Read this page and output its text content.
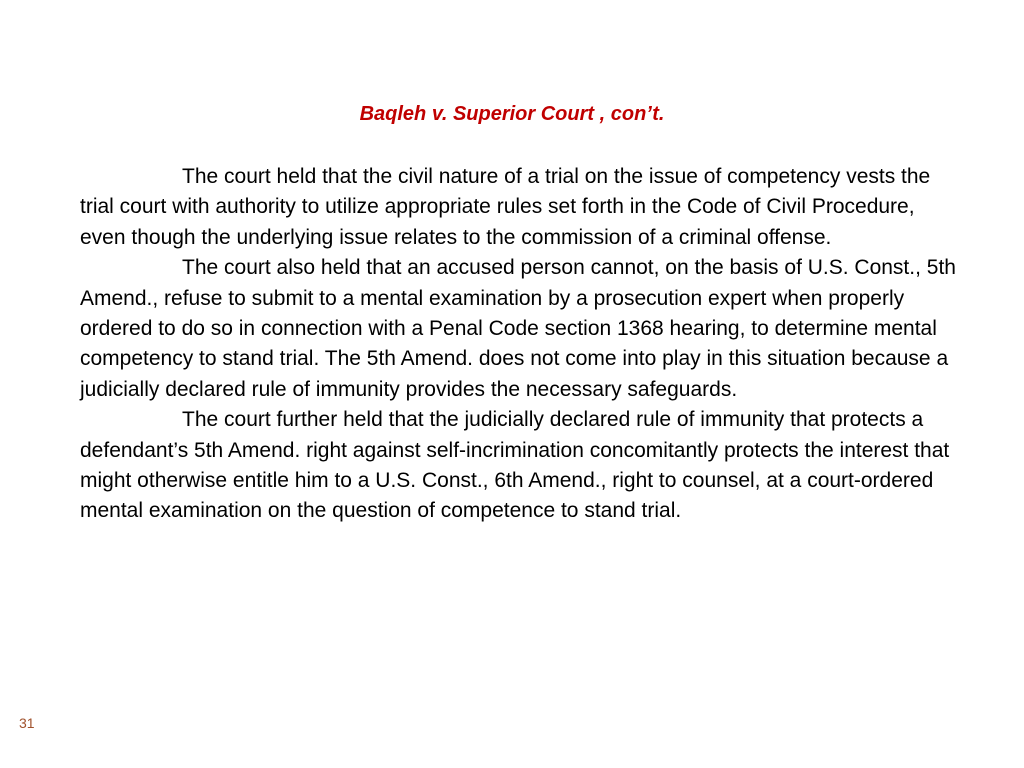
Baqleh v. Superior Court , con’t.

The court held that the civil nature of a trial on the issue of competency vests the trial court with authority to utilize appropriate rules set forth in the Code of Civil Procedure, even though the underlying issue relates to the commission of a criminal offense.

The court also held that an accused person cannot, on the basis of U.S. Const., 5th Amend., refuse to submit to a mental examination by a prosecution expert when properly ordered to do so in connection with a Penal Code section 1368 hearing, to determine mental competency to stand trial. The 5th Amend. does not come into play in this situation because a judicially declared rule of immunity provides the necessary safeguards.

The court further held that the judicially declared rule of immunity that protects a defendant’s 5th Amend. right against self-incrimination concomitantly protects the interest that might otherwise entitle him to a U.S. Const., 6th Amend., right to counsel, at a court-ordered mental examination on the question of competence to stand trial.

31
